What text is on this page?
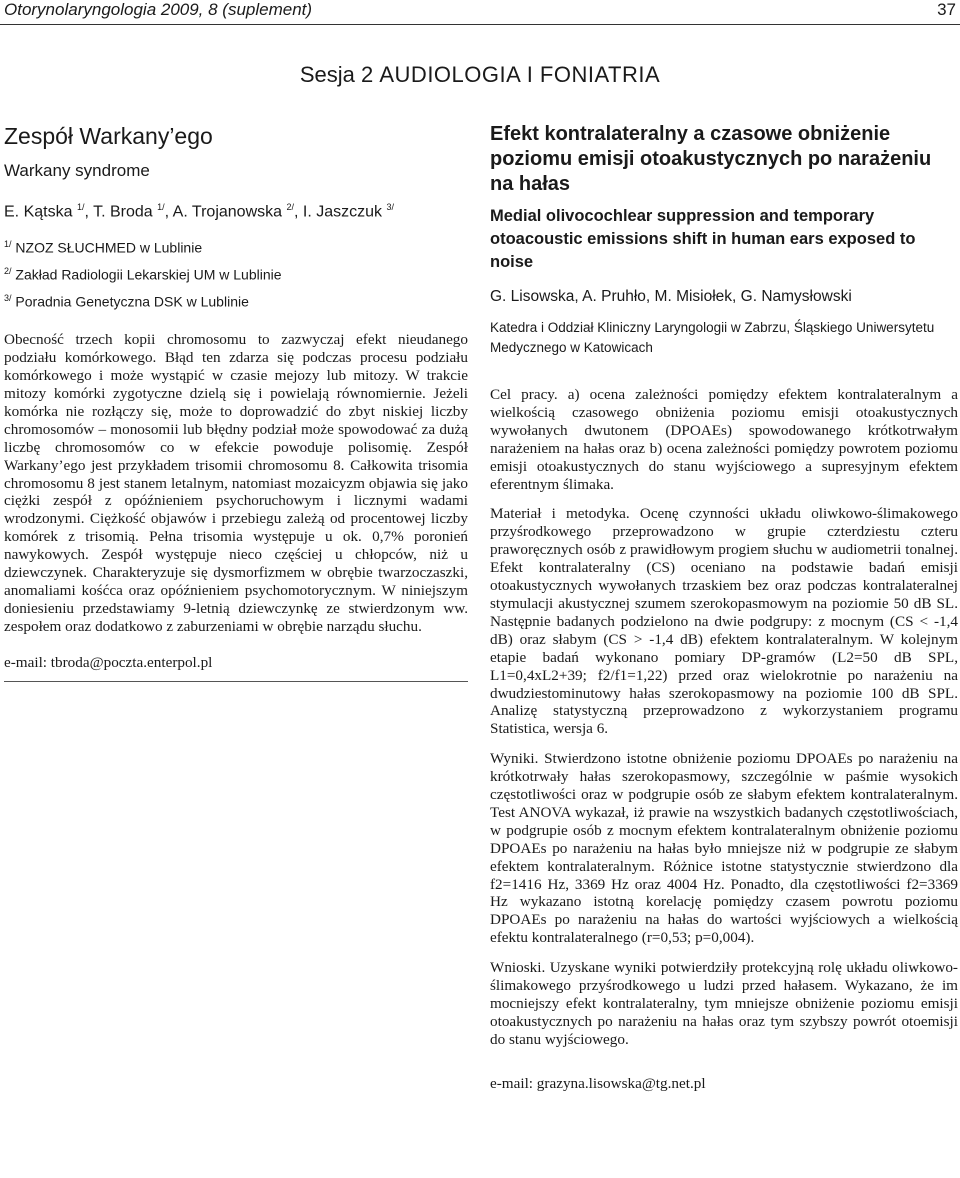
Otorynolaryngologia 2009, 8 (suplement)	37
Sesja 2 AUDIOLOGIA I FONIATRIA
Zespół Warkany’ego
Warkany syndrome
E. Kątska $^{1/}$, T. Broda $^{1/}$, A. Trojanowska $^{2/}$, I. Jaszczuk $^{3/}$
$^{1/}$ NZOZ SŁUCHMED w Lublinie
$^{2/}$ Zakład Radiologii Lekarskiej UM w Lublinie
$^{3/}$ Poradnia Genetyczna DSK w Lublinie

Obecność trzech kopii chromosomu to zazwyczaj efekt nieudanego podziału komórkowego. Błąd ten zdarza się podczas procesu podziału komórkowego i może wystąpić w czasie mejozy lub mitozy. W trakcie mitozy komórki zygotyczne dzielą się i powielają równomiernie. Jeżeli komórka nie rozłączy się, może to doprowadzić do zbyt niskiej liczby chromosomów – monosomii lub błędny podział może spowodować za dużą liczbę chromosomów co w efekcie powoduje polisomię. Zespół Warkany’ego jest przykładem trisomii chromosomu 8. Całkowita trisomia chromosomu 8 jest stanem letalnym, natomiast mozaicyzm objawia się jako ciężki zespół z opóźnieniem psychoruchowym i licznymi wadami wrodzonymi. Ciężkość objawów i przebiegu zależą od procentowej liczby komórek z trisomią. Pełna trisomia występuje u ok. 0,7% poronień nawykowych. Zespół występuje nieco częściej u chłopców, niż u dziewczynek. Charakteryzuje się dysmorfizmem w obrębie twarzoczaszki, anomaliami kośćca oraz opóźnieniem psychomotorycznym. W niniejszym doniesieniu przedstawiamy 9-letnią dziewczynkę ze stwierdzonym ww. zespołem oraz dodatkowo z zaburzeniami w obrębie narządu słuchu.

e-mail: tbroda@poczta.enterpol.pl

Efekt kontralateralny a czasowe obniżenie poziomu emisji otoakustycznych po narażeniu na hałas
Medial olivocochlear suppression and temporary otoacoustic emissions shift in human ears exposed to noise
G. Lisowska, A. Pruhło, M. Misiołek, G. Namysłowski
Katedra i Oddział Kliniczny Laryngologii w Zabrzu, Śląskiego Uniwersytetu Medycznego w Katowicach

Cel pracy. a) ocena zależności pomiędzy efektem kontralateralnym a wielkością czasowego obniżenia poziomu emisji otoakustycznych wywołanych dwutonem (DPOAEs) spowodowanego krótkotrwałym narażeniem na hałas oraz b) ocena zależności pomiędzy powrotem poziomu emisji otoakustycznych do stanu wyjściowego a supresyjnym efektem eferentnym ślimaka.

Materiał i metodyka. Ocenę czynności układu oliwkowo-ślimakowego przyśrodkowego przeprowadzono w grupie czterdziestu czteru praworęcznych osób z prawidłowym progiem słuchu w audiometrii tonalnej. Efekt kontralateralny (CS) oceniano na podstawie badań emisji otoakustycznych wywołanych trzaskiem bez oraz podczas kontralateralnej stymulacji akustycznej szumem szerokopasmowym na poziomie 50 dB SL. Następnie badanych podzielono na dwie podgrupy: z mocnym (CS < -1,4 dB) oraz słabym (CS > -1,4 dB) efektem kontralateralnym. W kolejnym etapie badań wykonano pomiary DP-gramów (L2=50 dB SPL, L1=0,4xL2+39; f2/f1=1,22) przed oraz wielokrotnie po narażeniu na dwudziestominutowy hałas szerokopasmowy na poziomie 100 dB SPL. Analizę statystyczną przeprowadzono z wykorzystaniem programu Statistica, wersja 6.

Wyniki. Stwierdzono istotne obniżenie poziomu DPOAEs po narażeniu na krótkotrwały hałas szerokopasmowy, szczególnie w paśmie wysokich częstotliwości oraz w podgrupie osób ze słabym efektem kontralateralnym. Test ANOVA wykazał, iż prawie na wszystkich badanych częstotliwościach, w podgrupie osób z mocnym efektem kontralateralnym obniżenie poziomu DPOAEs po narażeniu na hałas było mniejsze niż w podgrupie ze słabym efektem kontralateralnym. Różnice istotne statystycznie stwierdzono dla f2=1416 Hz, 3369 Hz oraz 4004 Hz. Ponadto, dla częstotliwości f2=3369 Hz wykazano istotną korelację pomiędzy czasem powrotu poziomu DPOAEs po narażeniu na hałas do wartości wyjściowych a wielkością efektu kontralateralnego (r=0,53; p=0,004).

Wnioski. Uzyskane wyniki potwierdziły protekcyjną rolę układu oliwkowo-ślimakowego przyśrodkowego u ludzi przed hałasem. Wykazano, że im mocniejszy efekt kontralateralny, tym mniejsze obniżenie poziomu emisji otoakustycznych po narażeniu na hałas oraz tym szybszy powrót otoemisji do stanu wyjściowego.

e-mail: grazyna.lisowska@tg.net.pl
